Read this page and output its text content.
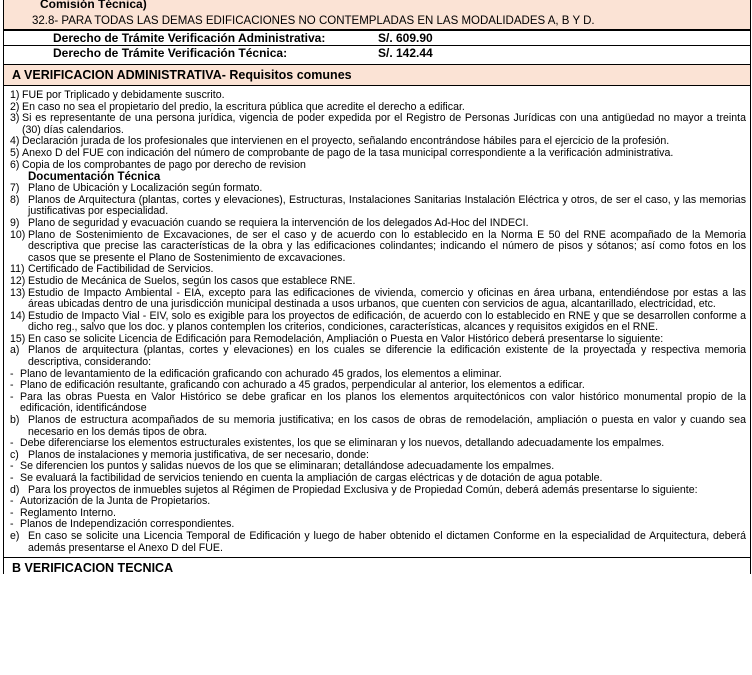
Comisión Técnica)
32.8- PARA TODAS LAS DEMAS EDIFICACIONES NO CONTEMPLADAS EN LAS MODALIDADES A, B Y D.
Derecho de Trámite Verificación Administrativa:	S/. 609.90
Derecho de Trámite Verificación Técnica:	S/. 142.44
A VERIFICACION ADMINISTRATIVA- Requisitos comunes
1) FUE por Triplicado y debidamente suscrito.
2) En caso no sea el propietario del predio, la escritura pública que acredite el derecho a edificar.
3) Si es representante de una persona jurídica, vigencia de poder expedida por el Registro de Personas Jurídicas con una antigüedad no mayor a treinta (30) días calendarios.
4) Declaración jurada de los profesionales que intervienen en el proyecto, señalando encontrándose hábiles para el ejercicio de la profesión.
5) Anexo D del FUE con indicación del número de comprobante de pago de la tasa municipal correspondiente a la verificación administrativa.
6) Copia de los comprobantes de pago por derecho de revision
Documentación Técnica
7) Plano de Ubicación y Localización según formato.
8) Planos de Arquitectura (plantas, cortes y elevaciones), Estructuras, Instalaciones Sanitarias Instalación Eléctrica y otros, de ser el caso, y las memorias justificativas por especialidad.
9) Plano de seguridad y evacuación cuando se requiera la intervención de los delegados Ad-Hoc del INDECI.
10) Plano de Sostenimiento de Excavaciones, de ser el caso y de acuerdo con lo establecido en la Norma E 50 del RNE acompañado de la Memoria descriptiva que precise las características de la obra y las edificaciones colindantes; indicando el número de pisos y sótanos; así como fotos en los casos que se presente el Plano de Sostenimiento de excavaciones.
11) Certificado de Factibilidad de Servicios.
12) Estudio de Mecánica de Suelos, según los casos que establece RNE.
13) Estudio de Impacto Ambiental - EIA, excepto para las edificaciones de vivienda, comercio y oficinas en área urbana, entendiéndose por estas a las áreas ubicadas dentro de una jurisdicción municipal destinada a usos urbanos, que cuenten con servicios de agua, alcantarillado, electricidad, etc.
14) Estudio de Impacto Vial - EIV, solo es exigible para los proyectos de edificación, de acuerdo con lo establecido en RNE y que se desarrollen conforme a dicho reg., salvo que los doc. y planos contemplen los criterios, condiciones, características, alcances y requisitos exigidos en el RNE.
15) En caso se solicite Licencia de Edificación para Remodelación, Ampliación o Puesta en Valor Histórico deberá presentarse lo siguiente:
a) Planos de arquitectura (plantas, cortes y elevaciones) en los cuales se diferencie la edificación existente de la proyectada y respectiva memoria descriptiva, considerando:
- Plano de levantamiento de la edificación graficando con achurado 45 grados, los elementos a eliminar.
- Plano de edificación resultante, graficando con achurado a 45 grados, perpendicular al anterior, los elementos a edificar.
- Para las obras Puesta en Valor Histórico se debe graficar en los planos los elementos arquitectónicos con valor histórico monumental propio de la edificación, identificándose
b) Planos de estructura acompañados de su memoria justificativa; en los casos de obras de remodelación, ampliación o puesta en valor y cuando sea necesario en los demás tipos de obra.
- Debe diferenciarse los elementos estructurales existentes, los que se eliminaran y los nuevos, detallando adecuadamente los empalmes.
c) Planos de instalaciones y memoria justificativa, de ser necesario, donde:
- Se diferencien los puntos y salidas nuevos de los que se eliminaran; detallándose adecuadamente los empalmes.
- Se evaluará la factibilidad de servicios teniendo en cuenta la ampliación de cargas eléctricas y de dotación de agua potable.
d) Para los proyectos de inmuebles sujetos al Régimen de Propiedad Exclusiva y de Propiedad Común, deberá además presentarse lo siguiente:
- Autorización de la Junta de Propietarios.
- Reglamento Interno.
- Planos de Independización correspondientes.
e) En caso se solicite una Licencia Temporal de Edificación y luego de haber obtenido el dictamen Conforme en la especialidad de Arquitectura, deberá además presentarse el Anexo D del FUE.
B VERIFICACION TECNICA
